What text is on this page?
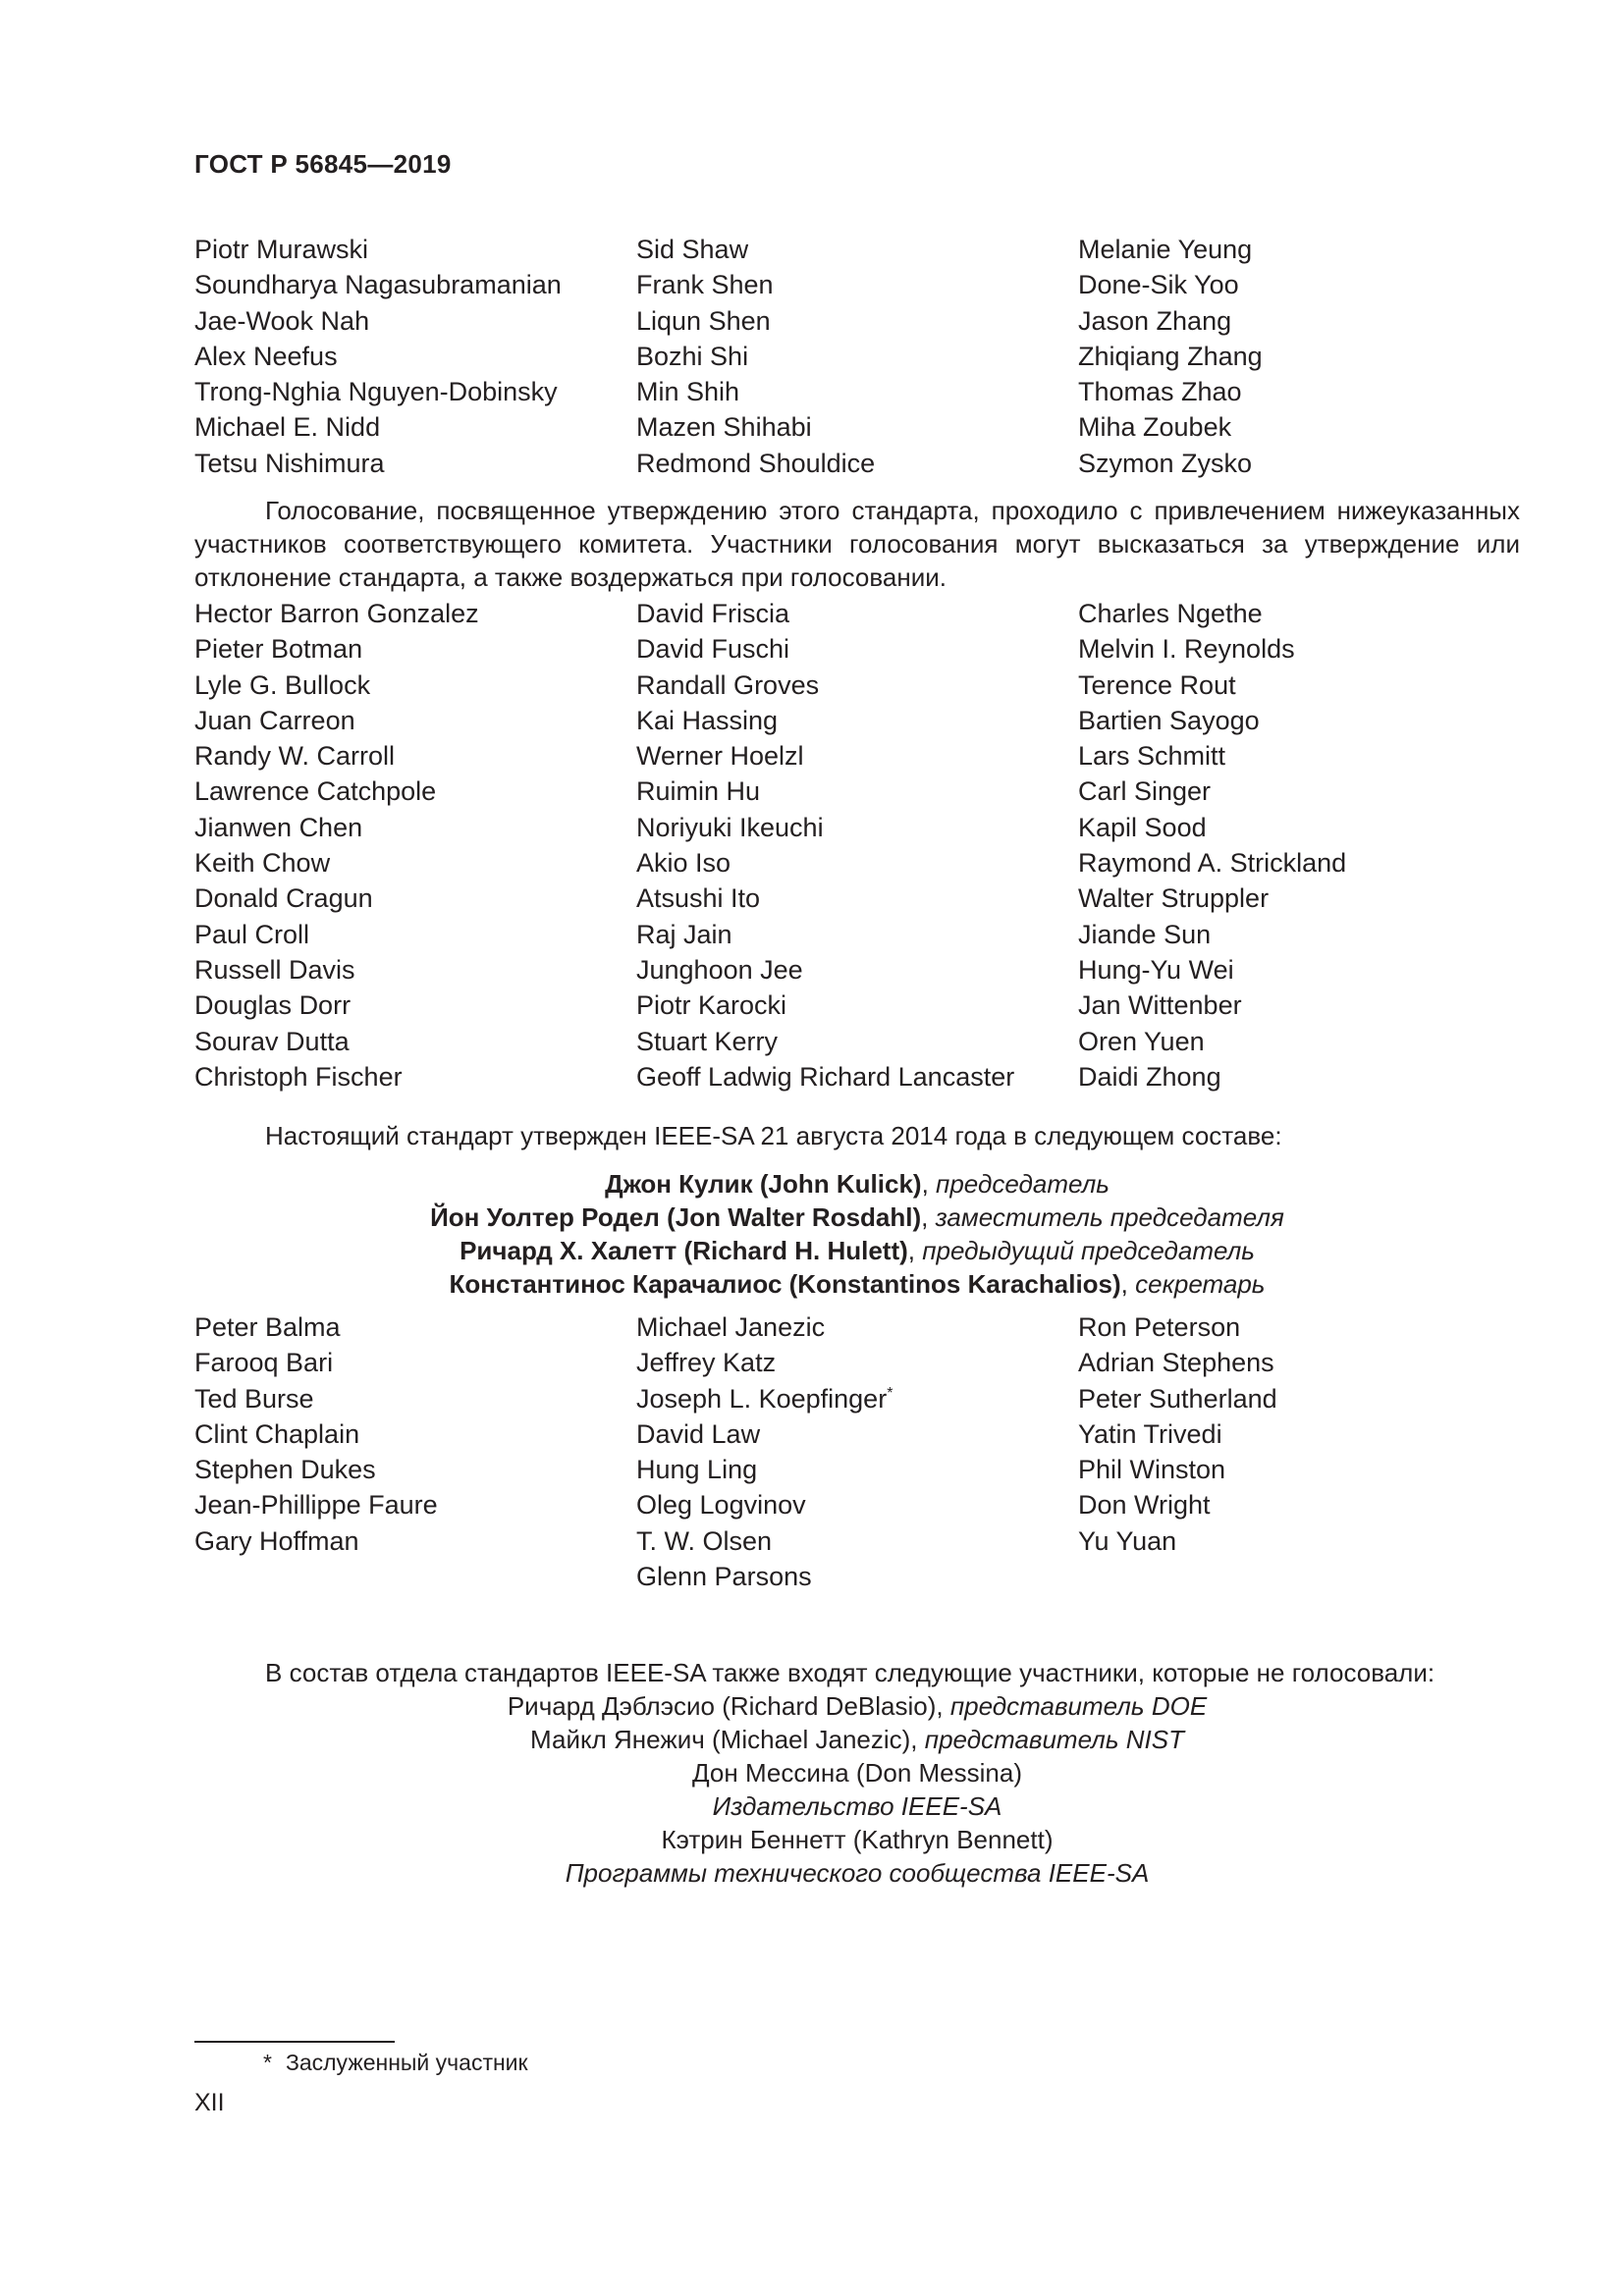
ГОСТ Р 56845—2019
Piotr Murawski
Soundharya Nagasubramanian
Jae-Wook Nah
Alex Neefus
Trong-Nghia Nguyen-Dobinsky
Michael E. Nidd
Tetsu Nishimura
Sid Shaw
Frank Shen
Liqun Shen
Bozhi Shi
Min Shih
Mazen Shihabi
Redmond Shouldice
Melanie Yeung
Done-Sik Yoo
Jason Zhang
Zhiqiang Zhang
Thomas Zhao
Miha Zoubek
Szymon Zysko
Голосование, посвященное утверждению этого стандарта, проходило с привлечением нижеуказанных участников соответствующего комитета. Участники голосования могут высказаться за утверждение или отклонение стандарта, а также воздержаться при голосовании.
Hector Barron Gonzalez
Pieter Botman
Lyle G. Bullock
Juan Carreon
Randy W. Carroll
Lawrence Catchpole
Jianwen Chen
Keith Chow
Donald Cragun
Paul Croll
Russell Davis
Douglas Dorr
Sourav Dutta
Christoph Fischer
David Friscia
David Fuschi
Randall Groves
Kai Hassing
Werner Hoelzl
Ruimin Hu
Noriyuki Ikeuchi
Akio Iso
Atsushi Ito
Raj Jain
Junghoon Jee
Piotr Karocki
Stuart Kerry
Geoff Ladwig Richard Lancaster
Charles Ngethe
Melvin I. Reynolds
Terence Rout
Bartien Sayogo
Lars Schmitt
Carl Singer
Kapil Sood
Raymond A. Strickland
Walter Struppler
Jiande Sun
Hung-Yu Wei
Jan Wittenber
Oren Yuen
Daidi Zhong
Настоящий стандарт утвержден IEEE-SA 21 августа 2014 года в следующем составе:
Джон Кулик (John Kulick), председатель
Йон Уолтер Родел (Jon Walter Rosdahl), заместитель председателя
Ричард Х. Халетт (Richard H. Hulett), предыдущий председатель
Константинос Карачалиос (Konstantinos Karachalios), секретарь
Peter Balma
Farooq Bari
Ted Burse
Clint Chaplain
Stephen Dukes
Jean-Phillippe Faure
Gary Hoffman
Michael Janezic
Jeffrey Katz
Joseph L. Koepfinger*
David Law
Hung Ling
Oleg Logvinov
T. W. Olsen
Glenn Parsons
Ron Peterson
Adrian Stephens
Peter Sutherland
Yatin Trivedi
Phil Winston
Don Wright
Yu Yuan
В состав отдела стандартов IEEE-SA также входят следующие участники, которые не голосовали:
Ричард Дэблэсио (Richard DeBlasio), представитель DOE
Майкл Янежич (Michael Janezic), представитель NIST
Дон Мессина (Don Messina)
Издательство IEEE-SA
Кэтрин Беннетт (Kathryn Bennett)
Программы технического сообщества IEEE-SA
* Заслуженный участник
XII
